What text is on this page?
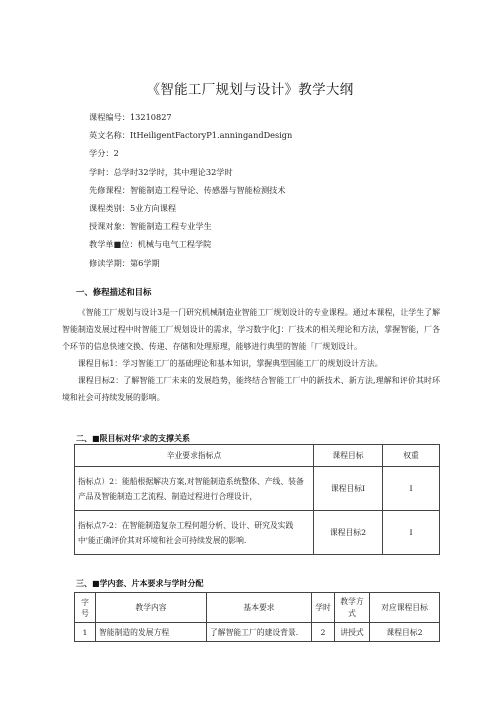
《智能工厂规划与设计》教学大纲
课程编号：13210827
英文名称：ItHeiligentFactoryP1.anningandDesign
学分：2
学时：总学时32学时，其中理论32学时
先修课程：智能制造工程导论、传感器与智能检测技术
课程类别：5业方向课程
授课对象：智能制造工程专业学生
教学单■位：机械与电气工程学院
修读学期：第6学期
一、修程描述和目标

《智能工厂规划与设计3是一门研究机械制造业智能工厂规划设计的专业课程。通过本课程，让学生了解智能制造发展过程中时智能工厂规划设计的需求，学习数字化J：厂技术的相关理论和方法，掌握智能，厂各个环节的信息快速交换、传递、存储和处理原理，能够进行典型的智能「厂规划设计。

课程目标1：学习智能工厂的基础理论和基本知识，掌握典型国能工厂的规划设计方法。

课程目标2：了解智能工厂未来的发展趋势，能终结合智能工厂中的新技术、新方法,理解和评价其时环境和社会可持续发展的影响。

二、■限目标对华'求的支撑关系
辛业要求指标点	课程目标	权重
指标点）2：能船根据解决方案,对智能制造系统整体、产线、装备产品及智能制造工艺流程、制造过程进行合理设计，	课程目标I	I
指标点7-2：在智能制造复杂工程何超分析、设计、研究及实践中'能正确评价其对环境和社会可持续发展的影响.	课程目标2	I
三、■学内套、片本要求与学时分配
字号	教学内容	基本要求	学时	教学方式	对应课程目标
1	智能制造的发展方程	了解智能工厂的建设背景.	2	讲授式	课程目标2
